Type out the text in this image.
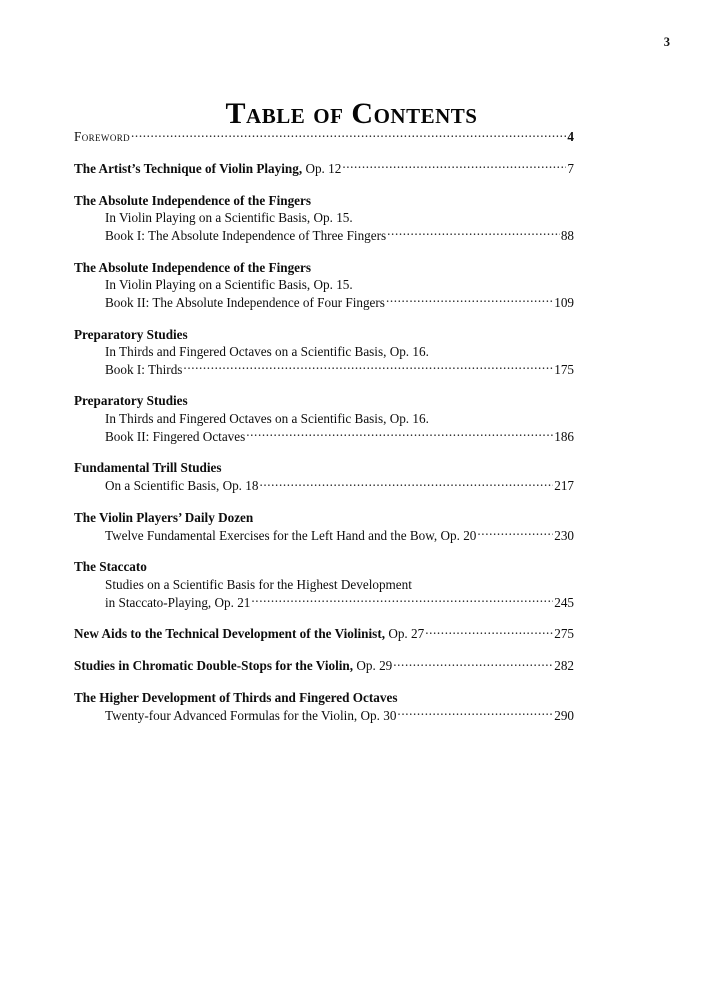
3
Table of Contents
Foreword .....	4
The Artist’s Technique of Violin Playing, Op. 12 .....	7
The Absolute Independence of the Fingers
In Violin Playing on a Scientific Basis, Op. 15.
Book I: The Absolute Independence of Three Fingers .....	88
The Absolute Independence of the Fingers
In Violin Playing on a Scientific Basis, Op. 15.
Book II: The Absolute Independence of Four Fingers .....	109
Preparatory Studies
In Thirds and Fingered Octaves on a Scientific Basis, Op. 16.
Book I: Thirds .....	175
Preparatory Studies
In Thirds and Fingered Octaves on a Scientific Basis, Op. 16.
Book II: Fingered Octaves .....	186
Fundamental Trill Studies
On a Scientific Basis, Op. 18 .....	217
The Violin Players’ Daily Dozen
Twelve Fundamental Exercises for the Left Hand and the Bow, Op. 20 .....	230
The Staccato
Studies on a Scientific Basis for the Highest Development
in Staccato-Playing, Op. 21 .....	245
New Aids to the Technical Development of the Violinist, Op. 27 .....	275
Studies in Chromatic Double-Stops for the Violin, Op. 29 .....	282
The Higher Development of Thirds and Fingered Octaves
Twenty-four Advanced Formulas for the Violin, Op. 30 .....	290
